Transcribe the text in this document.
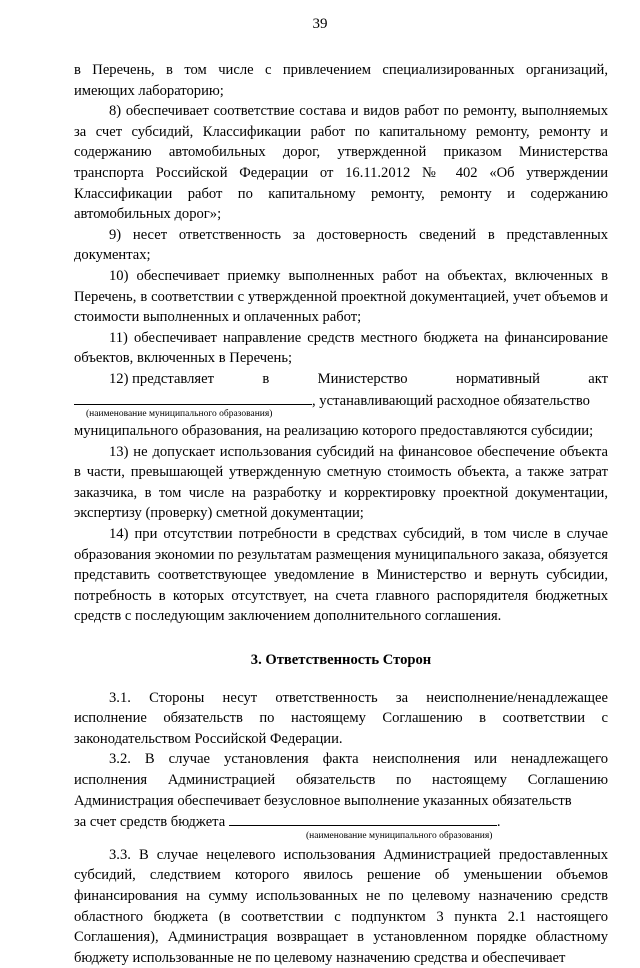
39

в Перечень, в том числе с привлечением специализированных организаций, имеющих лабораторию;

8) обеспечивает соответствие состава и видов работ по ремонту, выполняемых за счет субсидий, Классификации работ по капитальному ремонту, ремонту и содержанию автомобильных дорог, утвержденной приказом Министерства транспорта Российской Федерации от 16.11.2012 № 402 «Об утверждении Классификации работ по капитальному ремонту, ремонту и содержанию автомобильных дорог»;

9) несет ответственность за достоверность сведений в представленных документах;

10) обеспечивает приемку выполненных работ на объектах, включенных в Перечень, в соответствии с утвержденной проектной документацией, учет объемов и стоимости выполненных и оплаченных работ;

11) обеспечивает направление средств местного бюджета на финансирование объектов, включенных в Перечень;

12) представляет	в	Министерство	нормативный	акт
, устанавливающий расходное обязательство
(наименование муниципального образования)

муниципального образования, на реализацию которого предоставляются субсидии;

13) не допускает использования субсидий на финансовое обеспечение объекта в части, превышающей утвержденную сметную стоимость объекта, а также затрат заказчика, в том числе на разработку и корректировку проектной документации, экспертизу (проверку) сметной документации;

14) при отсутствии потребности в средствах субсидий, в том числе в случае образования экономии по результатам размещения муниципального заказа, обязуется представить соответствующее уведомление в Министерство и вернуть субсидии, потребность в которых отсутствует, на счета главного распорядителя бюджетных средств с последующим заключением дополнительного соглашения.

3. Ответственность Сторон

3.1. Стороны несут ответственность за неисполнение/ненадлежащее исполнение обязательств по настоящему Соглашению в соответствии с законодательством Российской Федерации.

3.2. В случае установления факта неисполнения или ненадлежащего исполнения Администрацией обязательств по настоящему Соглашению Администрация обеспечивает безусловное выполнение указанных обязательств

за счет средств бюджета	.
(наименование муниципального образования)

3.3. В случае нецелевого использования Администрацией предоставленных субсидий, следствием которого явилось решение об уменьшении объемов финансирования на сумму использованных не по целевому назначению средств областного бюджета (в соответствии с подпунктом 3 пункта 2.1 настоящего Соглашения), Администрация возвращает в установленном порядке областному бюджету использованные не по целевому назначению средства и обеспечивает
